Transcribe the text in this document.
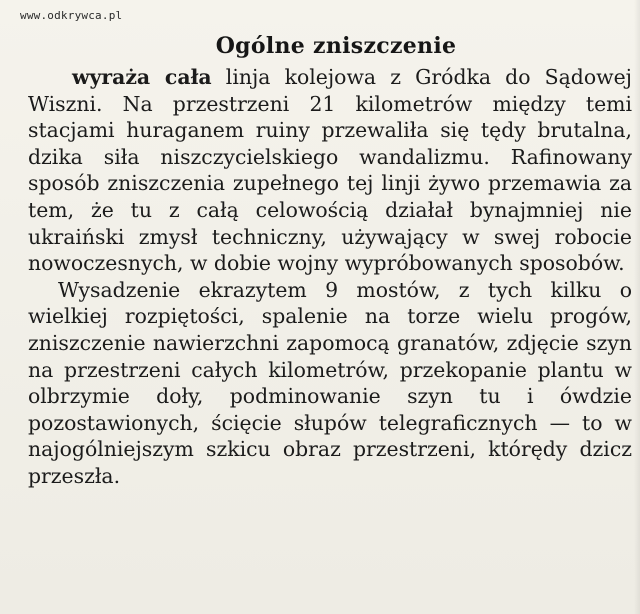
www.odkrywca.pl
Ogólne zniszczenie

wyraża cała linja kolejowa z Gródka do Sądowej Wiszni. Na przestrzeni 21 kilometrów między temi stacjami huraganem ruiny przewaliła się tędy brutalna, dzika siła niszczycielskiego wandalizmu. Rafinowany sposób zniszczenia zupełnego tej linji żywo przemawia za tem, że tu z całą celowością działał bynajmniej nie ukraiński zmysł techniczny, używający w swej robocie nowoczesnych, w dobie wojny wypróbowanych sposobów.

Wysadzenie ekrazytem 9 mostów, z tych kilku o wielkiej rozpiętości, spalenie na torze wielu progów, zniszczenie nawierzchni zapomocą granatów, zdjęcie szyn na przestrzeni całych kilometrów, przekopanie plantu w olbrzymie doły, podminowanie szyn tu i ówdzie pozostawionych, ścięcie słupów telegraficznych — to w najogólniejszym szkicu obraz przestrzeni, którędy dzicz przeszła.
